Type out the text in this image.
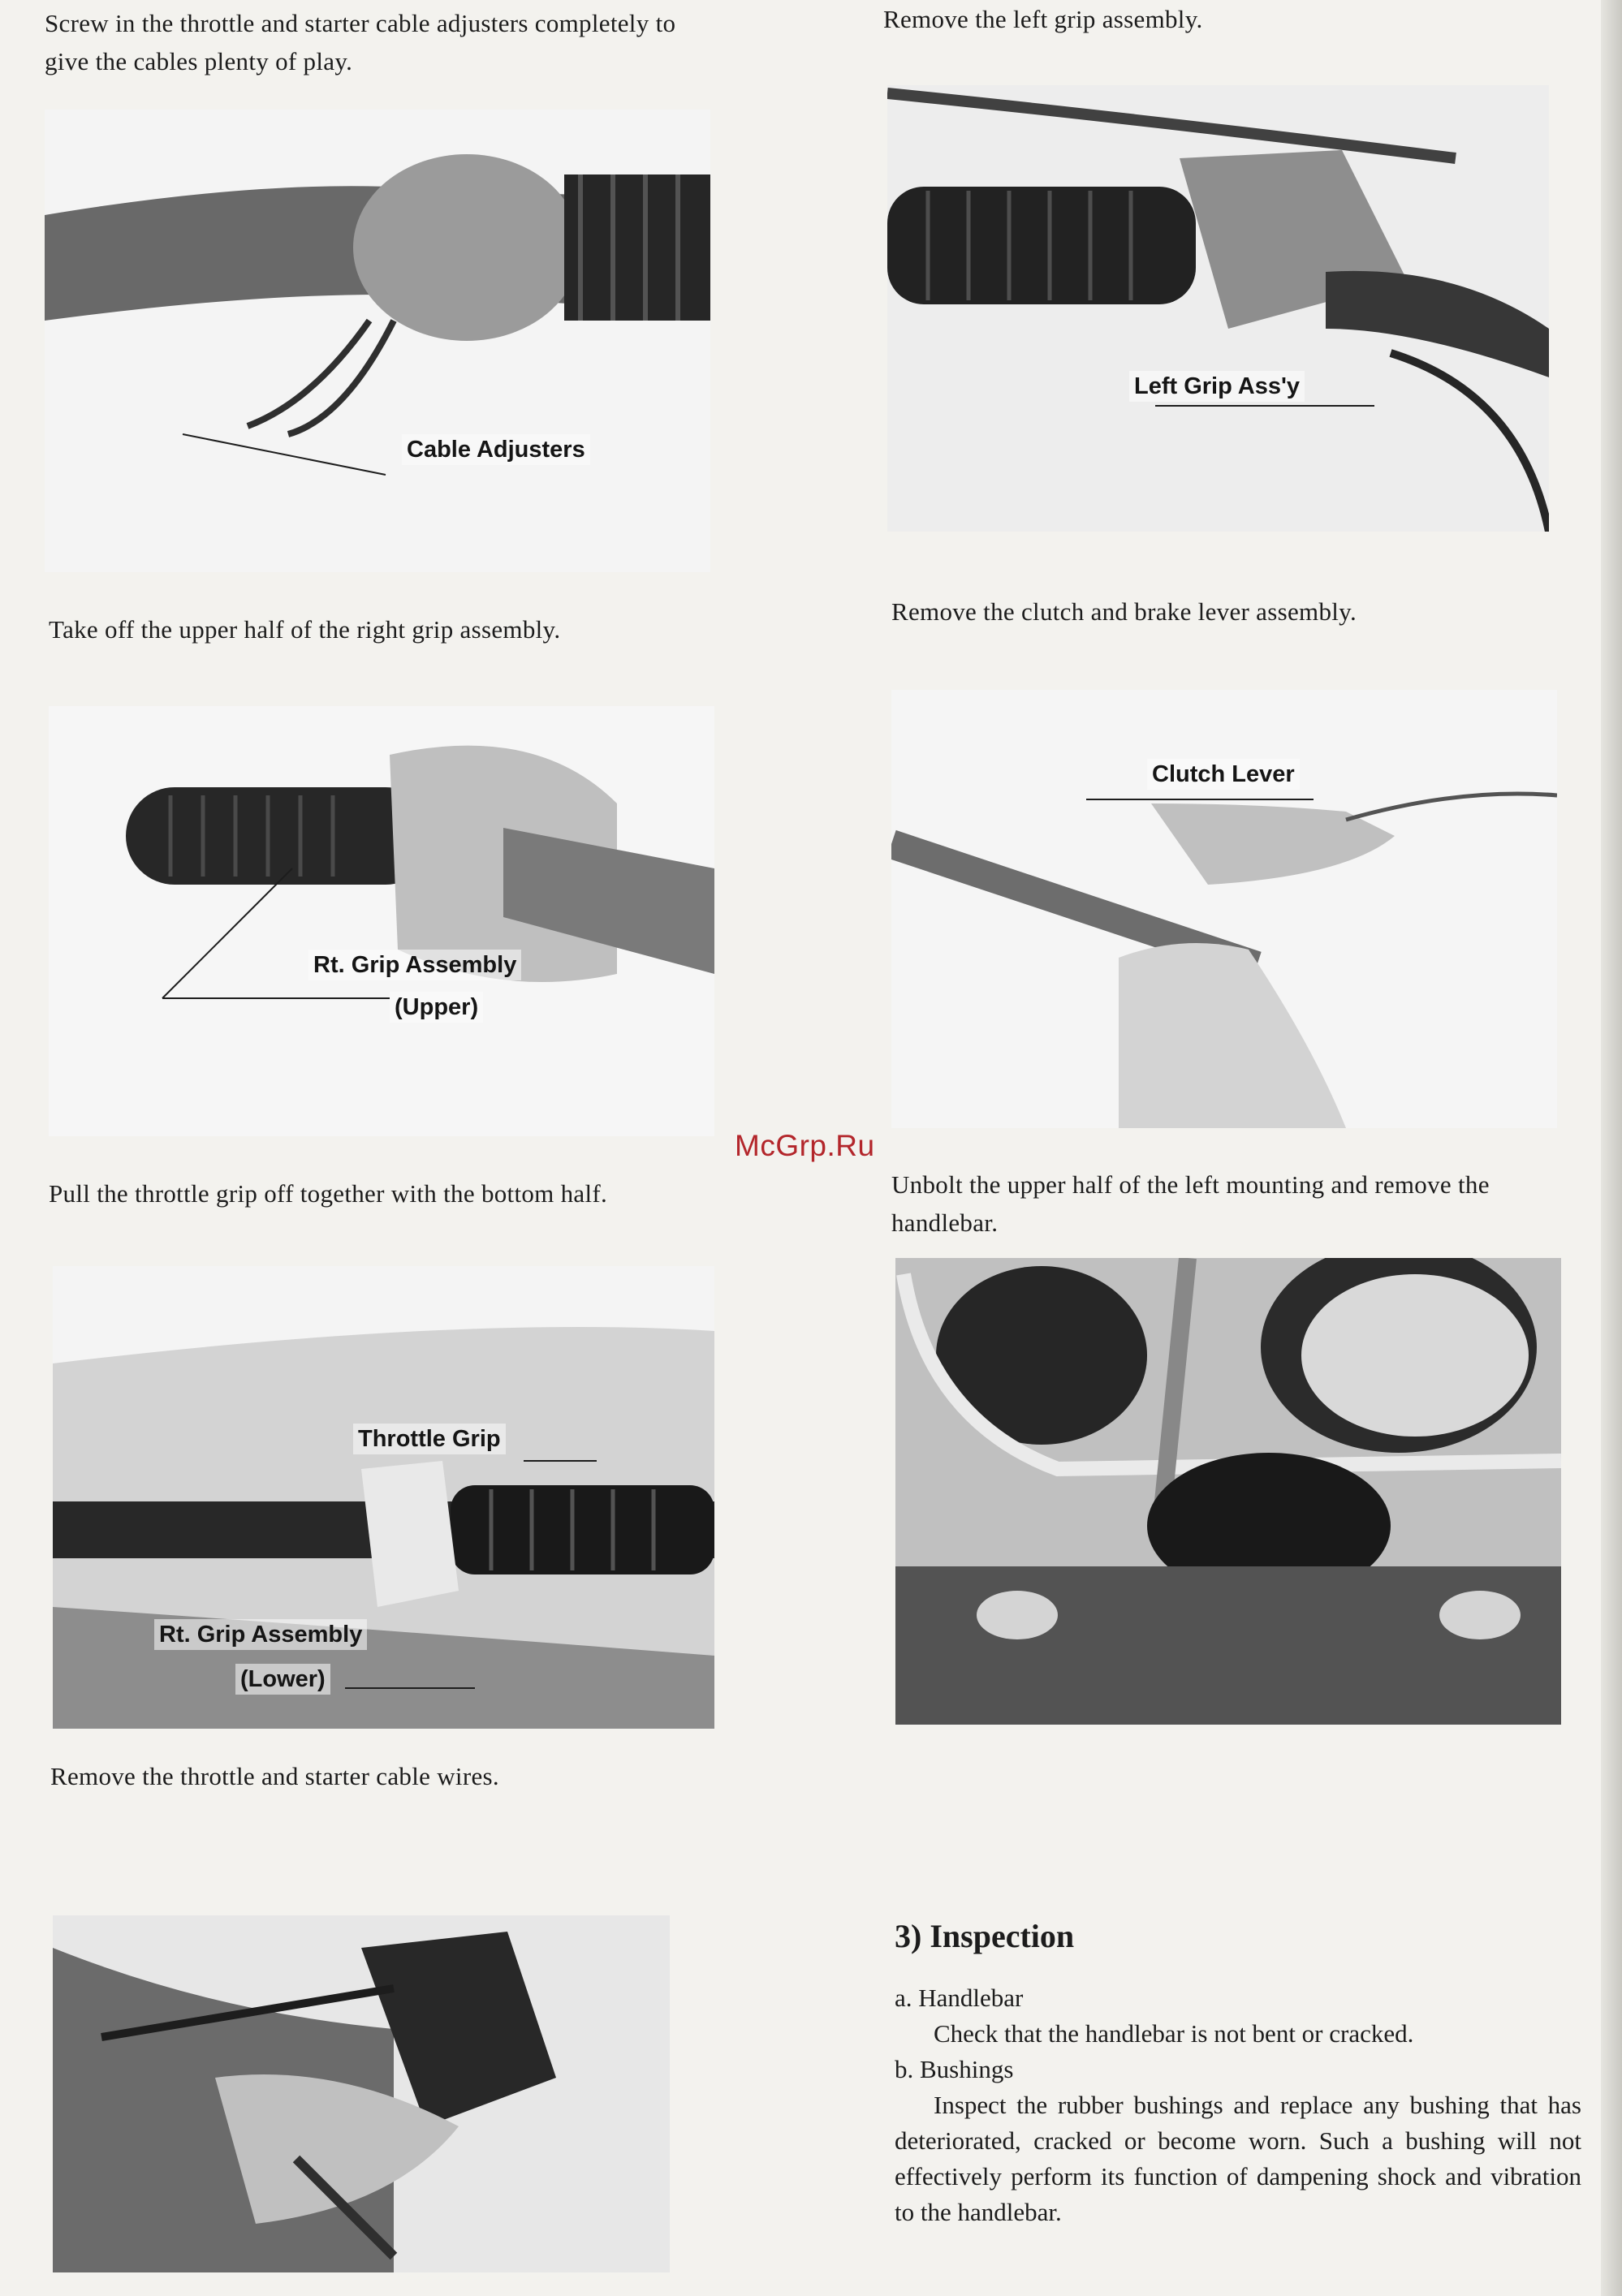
Screw in the throttle and starter cable adjusters completely to give the cables plenty of play.
Cable Adjusters
Take off the upper half of the right grip assembly.
Rt. Grip Assembly
(Upper)
Pull the throttle grip off together with the bottom half.
Throttle Grip
Rt. Grip Assembly
(Lower)
Remove the throttle and starter cable wires.
Remove the left grip assembly.
Left Grip Ass'y
Remove the clutch and brake lever assembly.
Clutch Lever
McGrp.Ru
Unbolt the upper half of the left mounting and remove the handlebar.
3) Inspection
a. Handlebar
Check that the handlebar is not bent or cracked.
b. Bushings
Inspect the rubber bushings and replace any bushing that has deteriorated, cracked or become worn. Such a bushing will not effectively perform its function of dampening shock and vibration to the handlebar.
